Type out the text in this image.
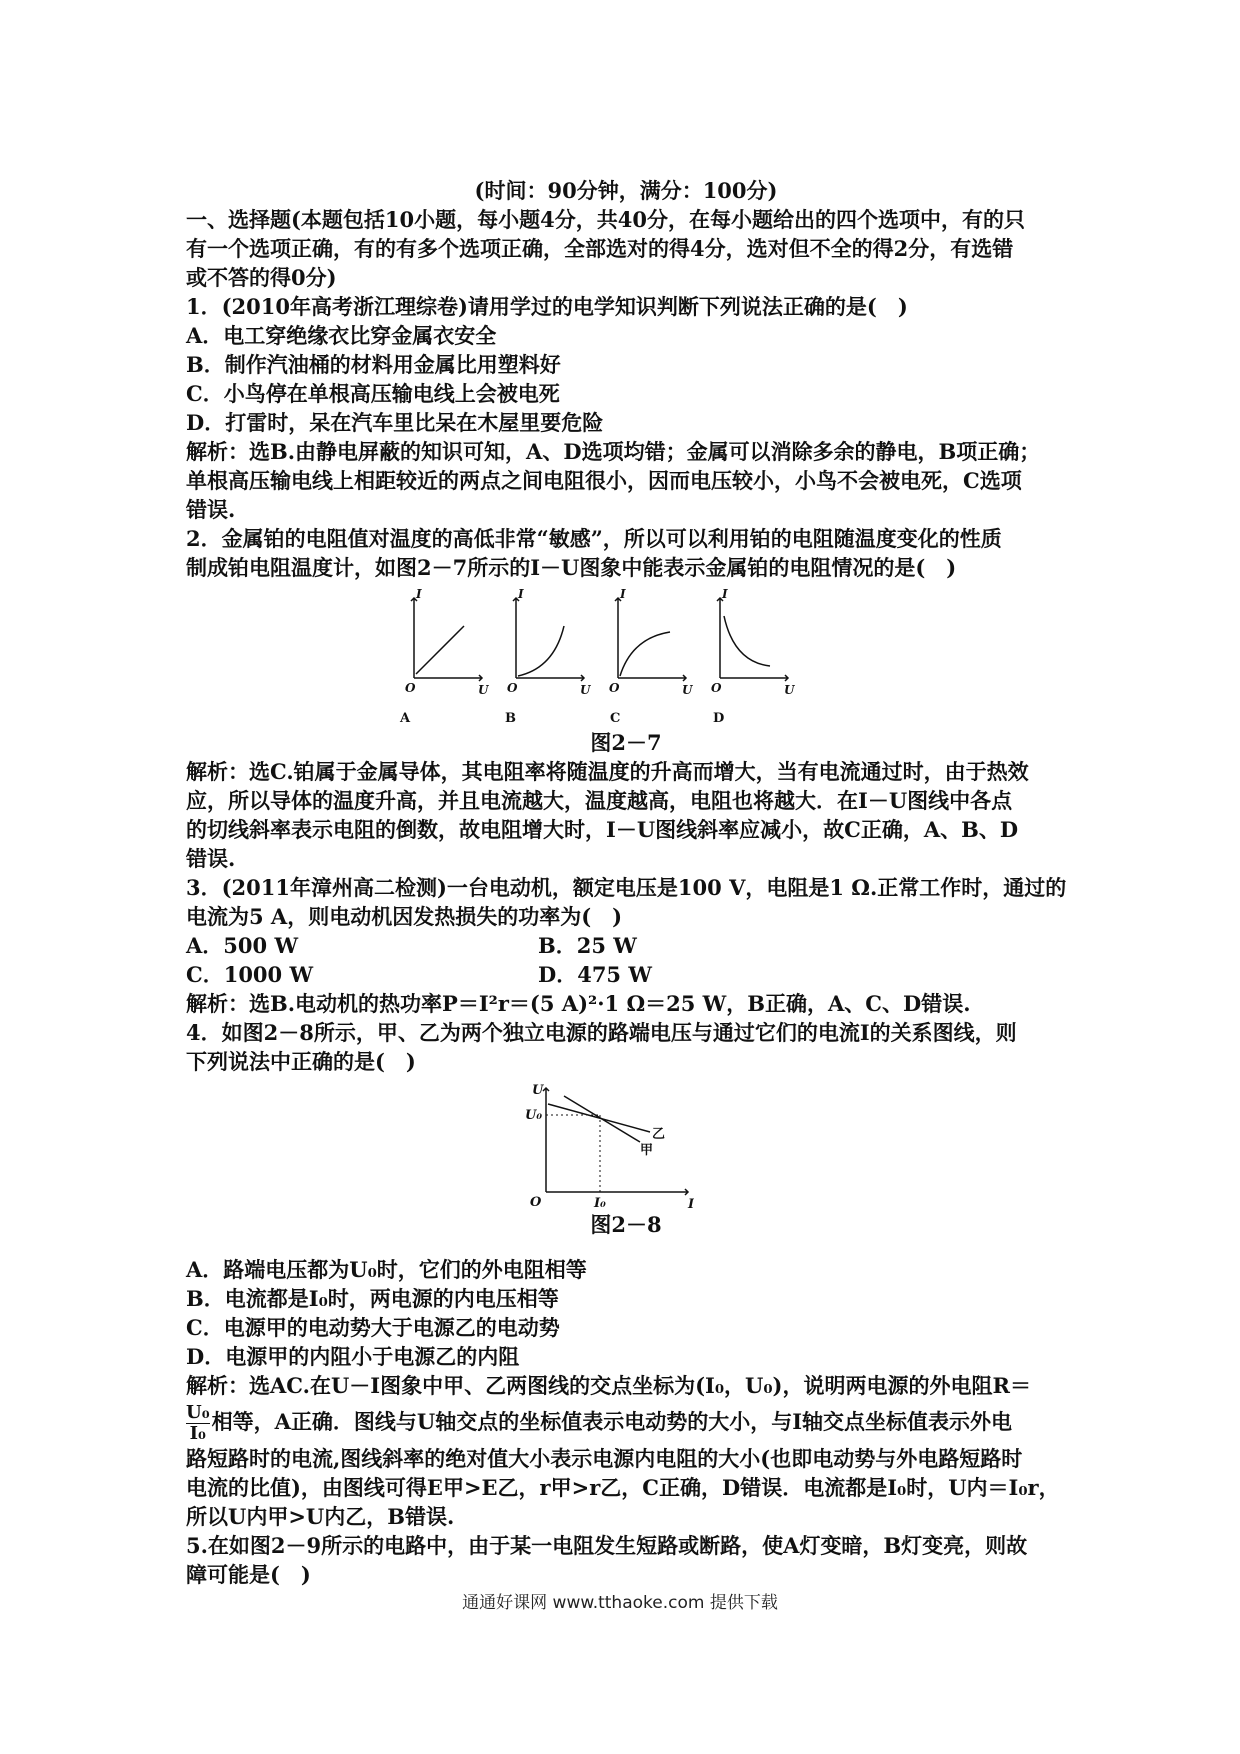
(时间：90分钟，满分：100分)
一、选择题(本题包括10小题，每小题4分，共40分，在每小题给出的四个选项中，有的只
有一个选项正确，有的有多个选项正确，全部选对的得4分，选对但不全的得2分，有选错
或不答的得0分)
1．(2010年高考浙江理综卷)请用学过的电学知识判断下列说法正确的是(　)
A．电工穿绝缘衣比穿金属衣安全
B．制作汽油桶的材料用金属比用塑料好
C．小鸟停在单根高压输电线上会被电死
D．打雷时，呆在汽车里比呆在木屋里要危险
解析：选B.由静电屏蔽的知识可知，A、D选项均错；金属可以消除多余的静电，B项正确；
单根高压输电线上相距较近的两点之间电阻很小，因而电压较小，小鸟不会被电死，C选项
错误.
2．金属铂的电阻值对温度的高低非常“敏感”，所以可以利用铂的电阻随温度变化的性质
制成铂电阻温度计，如图2－7所示的I－U图象中能表示金属铂的电阻情况的是(　)
I
O	U
I
O	U
I
O	U
I
O	U
A	B	C	D
图2－7
解析：选C.铂属于金属导体，其电阻率将随温度的升高而增大，当有电流通过时，由于热效
应，所以导体的温度升高，并且电流越大，温度越高，电阻也将越大．在I－U图线中各点
的切线斜率表示电阻的倒数，故电阻增大时，I－U图线斜率应减小，故C正确，A、B、D
错误.
3．(2011年漳州高二检测)一台电动机，额定电压是100 V，电阻是1 Ω.正常工作时，通过的
电流为5 A，则电动机因发热损失的功率为(　)
A．500 W	B．25 W
C．1000 W	D．475 W
解析：选B.电动机的热功率P＝I²r＝(5 A)²·1 Ω＝25 W，B正确，A、C、D错误.
4．如图2－8所示，甲、乙为两个独立电源的路端电压与通过它们的电流I的关系图线，则
下列说法中正确的是(　)
U
I
O
U₀
I₀
乙
甲
图2－8
A．路端电压都为U₀时，它们的外电阻相等
B．电流都是I₀时，两电源的内电压相等
C．电源甲的电动势大于电源乙的电动势
D．电源甲的内阻小于电源乙的内阻
解析：选AC.在U－I图象中甲、乙两图线的交点坐标为(I₀，U₀)，说明两电源的外电阻R＝
$\frac{\text{U₀}}{\text{I₀}}$ 相等，A正确．图线与U轴交点的坐标值表示电动势的大小，与I轴交点坐标值表示外电
路短路时的电流,图线斜率的绝对值大小表示电源内电阻的大小(也即电动势与外电路短路时
电流的比值)，由图线可得E甲>E乙，r甲>r乙，C正确，D错误．电流都是I₀时，U内＝I₀r，
所以U内甲>U内乙，B错误.
5.在如图2－9所示的电路中，由于某一电阻发生短路或断路，使A灯变暗，B灯变亮，则故
障可能是(　)
通通好课网 www.tthaoke.com 提供下载
